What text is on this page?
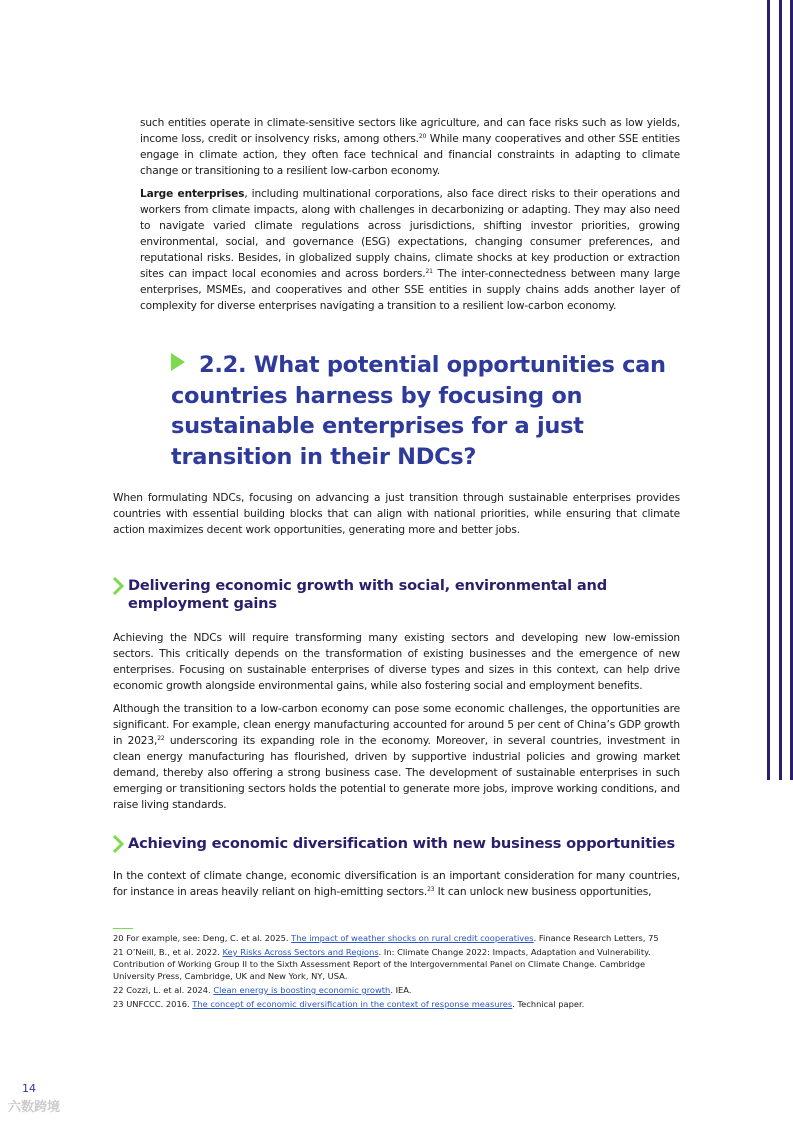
such entities operate in climate-sensitive sectors like agriculture, and can face risks such as low yields, income loss, credit or insolvency risks, among others.$^{20}$ While many cooperatives and other SSE entities engage in climate action, they often face technical and financial constraints in adapting to climate change or transitioning to a resilient low-carbon economy.

Large enterprises, including multinational corporations, also face direct risks to their operations and workers from climate impacts, along with challenges in decarbonizing or adapting. They may also need to navigate varied climate regulations across jurisdictions, shifting investor priorities, growing environmental, social, and governance (ESG) expectations, changing consumer preferences, and reputational risks. Besides, in globalized supply chains, climate shocks at key production or extraction sites can impact local economies and across borders.$^{21}$ The inter-connectedness between many large enterprises, MSMEs, and cooperatives and other SSE entities in supply chains adds another layer of complexity for diverse enterprises navigating a transition to a resilient low-carbon economy.

2.2. What potential opportunities can countries harness by focusing on sustainable enterprises for a just transition in their NDCs?

When formulating NDCs, focusing on advancing a just transition through sustainable enterprises provides countries with essential building blocks that can align with national priorities, while ensuring that climate action maximizes decent work opportunities, generating more and better jobs.

Delivering economic growth with social, environmental and employment gains

Achieving the NDCs will require transforming many existing sectors and developing new low-emission sectors. This critically depends on the transformation of existing businesses and the emergence of new enterprises. Focusing on sustainable enterprises of diverse types and sizes in this context, can help drive economic growth alongside environmental gains, while also fostering social and employment benefits.

Although the transition to a low-carbon economy can pose some economic challenges, the opportunities are significant. For example, clean energy manufacturing accounted for around 5 per cent of China’s GDP growth in 2023,22 underscoring its expanding role in the economy. Moreover, in several countries, investment in clean energy manufacturing has flourished, driven by supportive industrial policies and growing market demand, thereby also offering a strong business case. The development of sustainable enterprises in such emerging or transitioning sectors holds the potential to generate more jobs, improve working conditions, and raise living standards.

Achieving economic diversification with new business opportunities

In the context of climate change, economic diversification is an important consideration for many countries, for instance in areas heavily reliant on high-emitting sectors.$^{23}$ It can unlock new business opportunities,

20 For example, see: Deng, C. et al. 2025. The impact of weather shocks on rural credit cooperatives. Finance Research Letters, 75

21 O’Neill, B., et al. 2022. Key Risks Across Sectors and Regions. In: Climate Change 2022: Impacts, Adaptation and Vulnerability. Contribution of Working Group II to the Sixth Assessment Report of the Intergovernmental Panel on Climate Change. Cambridge University Press, Cambridge, UK and New York, NY, USA.

22 Cozzi, L. et al. 2024. Clean energy is boosting economic growth. IEA.

23 UNFCCC. 2016. The concept of economic diversification in the context of response measures. Technical paper.

14
六数跨境
